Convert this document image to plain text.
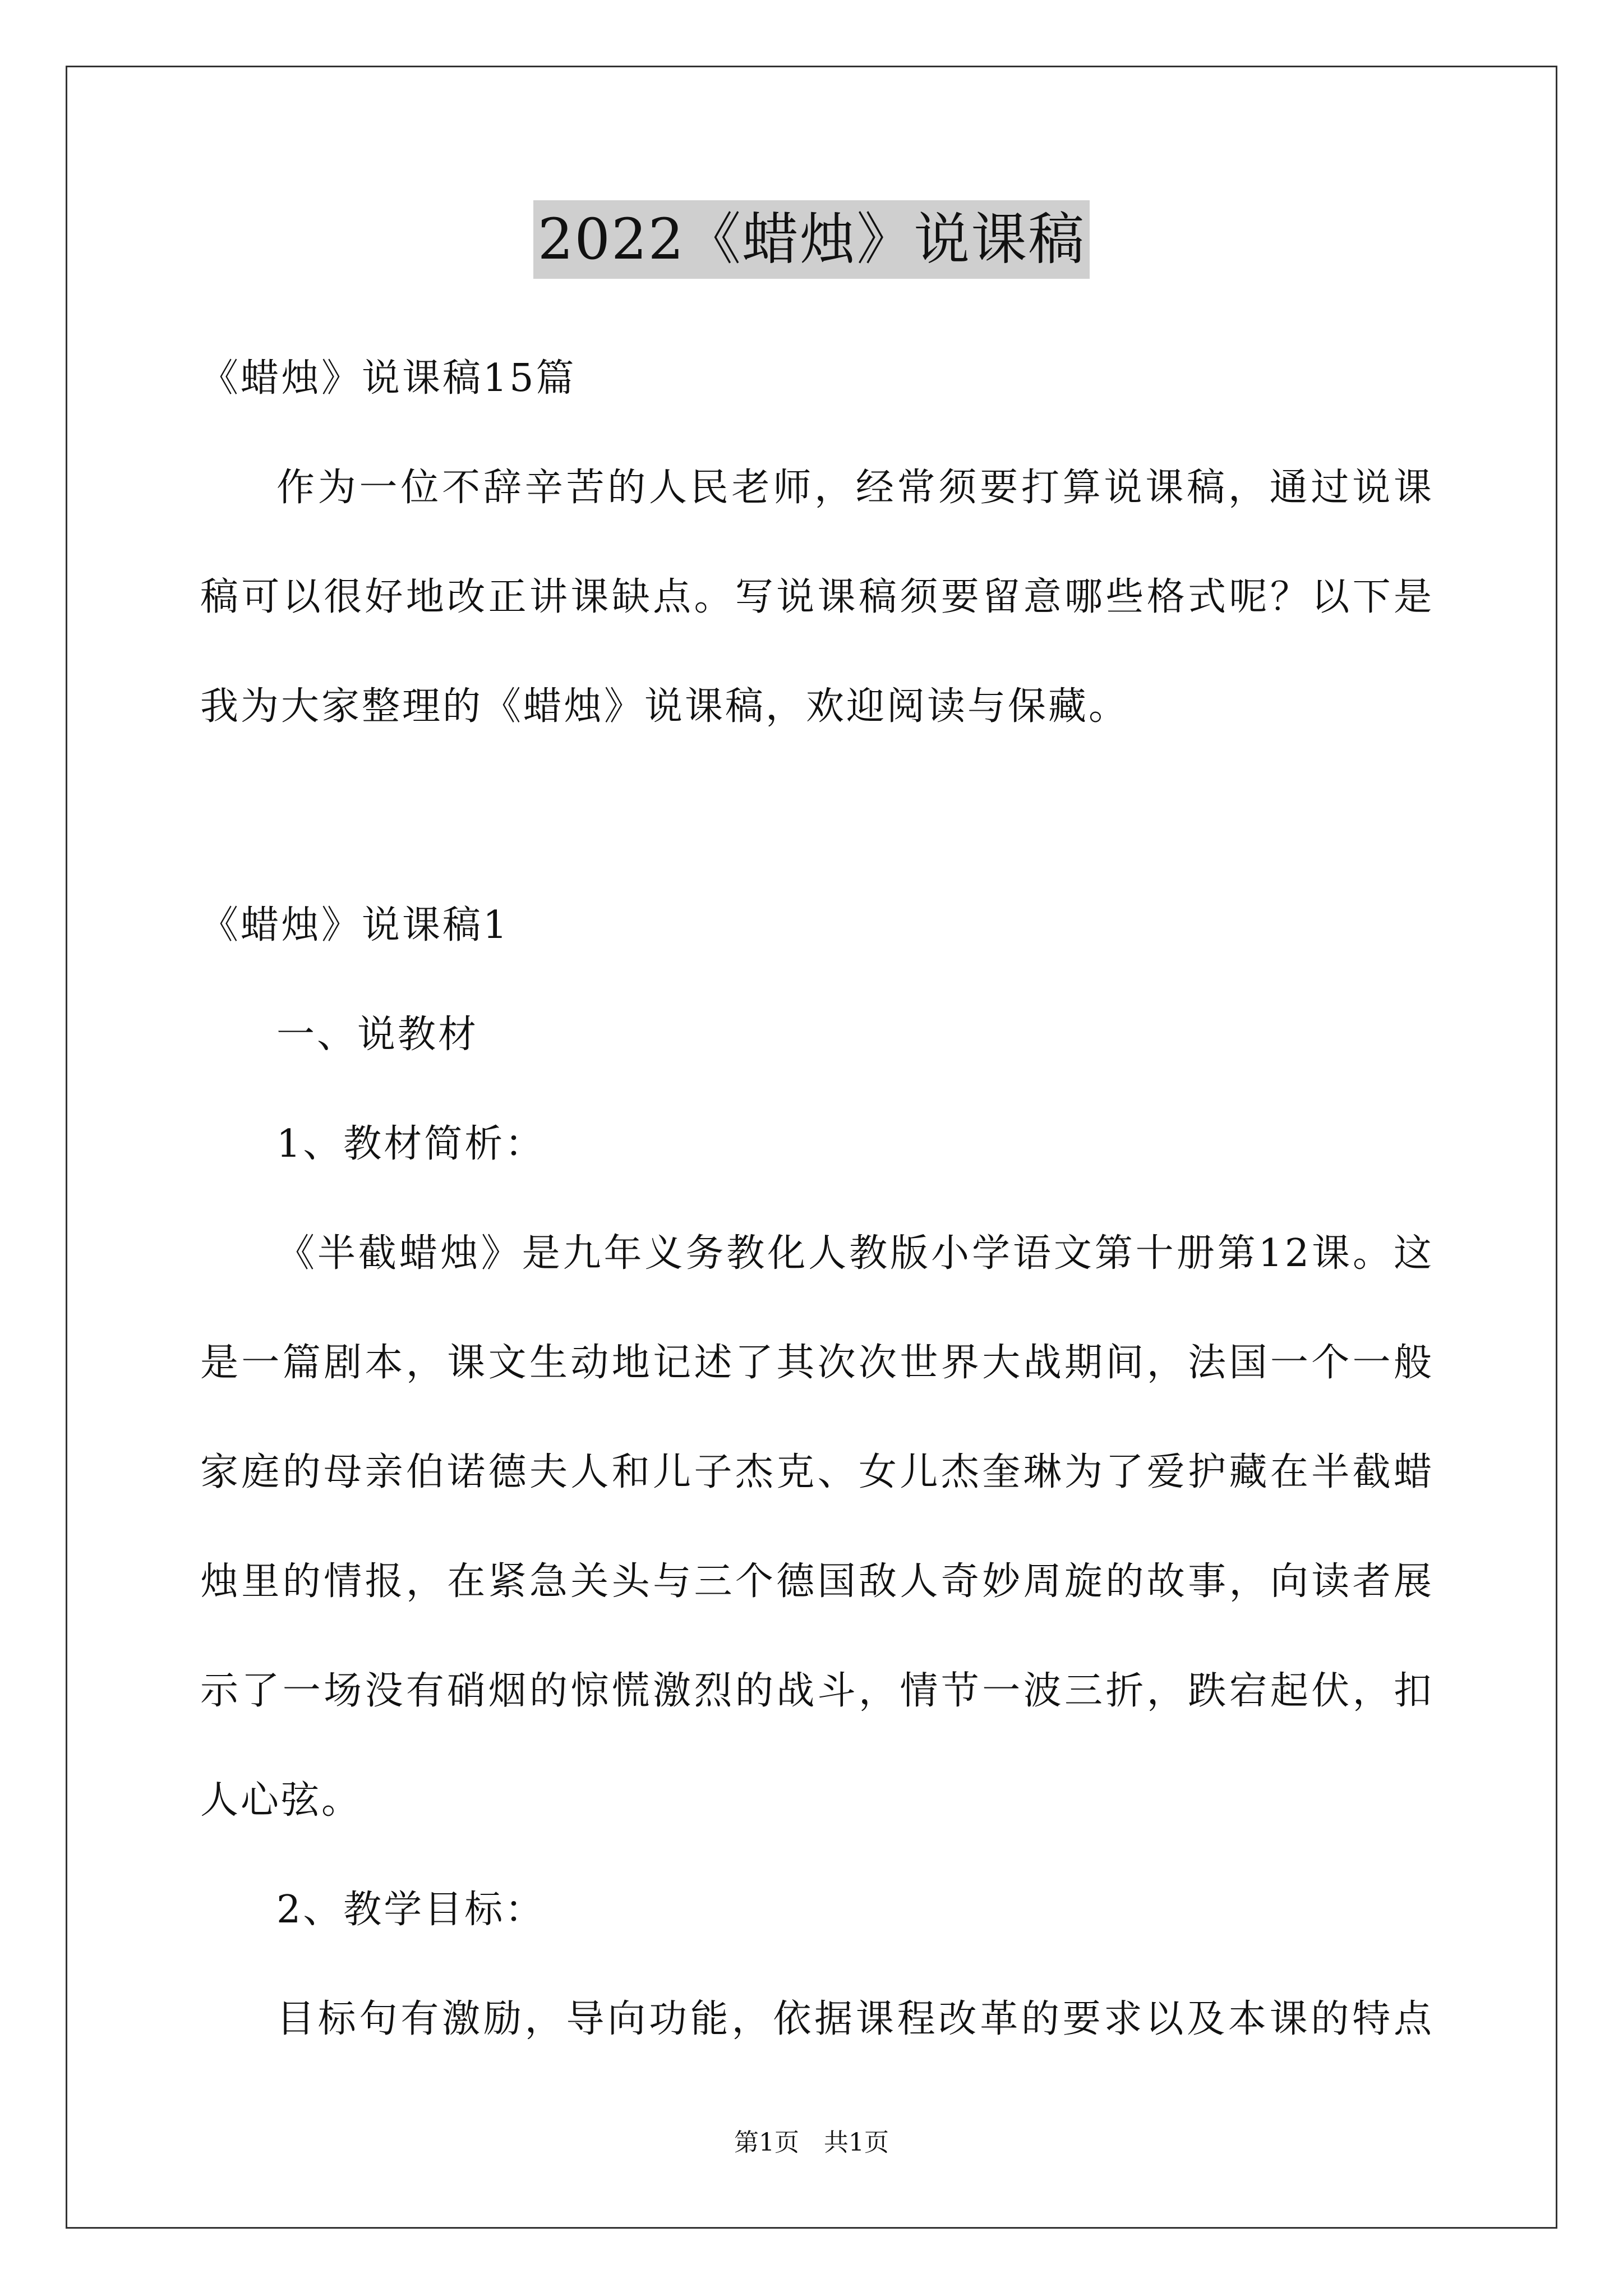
2022《蜡烛》说课稿
《蜡烛》说课稿15篇
作为一位不辞辛苦的人民老师，经常须要打算说课稿，通过说课
稿可以很好地改正讲课缺点。写说课稿须要留意哪些格式呢？以下是
我为大家整理的《蜡烛》说课稿，欢迎阅读与保藏。
《蜡烛》说课稿1
一、说教材
1、教材简析：
《半截蜡烛》是九年义务教化人教版小学语文第十册第12课。这
是一篇剧本，课文生动地记述了其次次世界大战期间，法国一个一般
家庭的母亲伯诺德夫人和儿子杰克、女儿杰奎琳为了爱护藏在半截蜡
烛里的情报，在紧急关头与三个德国敌人奇妙周旋的故事，向读者展
示了一场没有硝烟的惊慌激烈的战斗，情节一波三折，跌宕起伏，扣
人心弦。
2、教学目标：
目标句有激励，导向功能，依据课程改革的要求以及本课的特点
第1页　共1页
